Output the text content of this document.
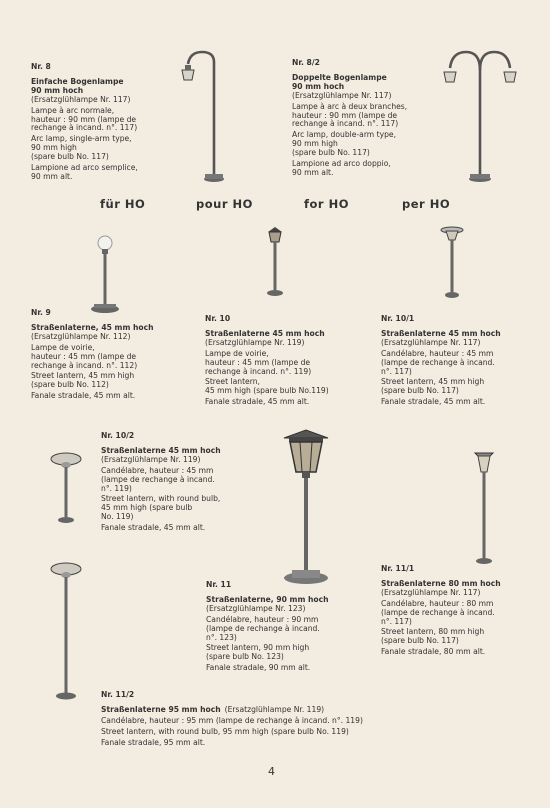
für HO	pour HO	for HO	per HO
Nr. 8
Einfache Bogenlampe
90 mm hoch
(Ersatzglühlampe Nr. 117)
Lampe à arc normale,
hauteur : 90 mm (lampe de
rechange à incand. n°. 117)
Arc lamp, single-arm type,
90 mm high
(spare bulb No. 117)
Lampione ad arco semplice,
90 mm alt.
Nr. 8/2
Doppelte Bogenlampe
90 mm hoch
(Ersatzglühlampe Nr. 117)
Lampe à arc à deux branches,
hauteur : 90 mm (lampe de
rechange à incand. n°. 117)
Arc lamp, double-arm type,
90 mm high
(spare bulb No. 117)
Lampione ad arco doppio,
90 mm alt.
Nr. 9
Straßenlaterne, 45 mm hoch
(Ersatzglühlampe Nr. 112)
Lampe de voirie,
hauteur : 45 mm (lampe de
rechange à incand. n°. 112)
Street lantern, 45 mm high
(spare bulb No. 112)
Fanale stradale, 45 mm alt.
Nr. 10
Straßenlaterne 45 mm hoch
(Ersatzglühlampe Nr. 119)
Lampe de voirie,
hauteur : 45 mm (lampe de
rechange à incand. n°. 119)
Street lantern,
45 mm high (spare bulb No.119)
Fanale stradale, 45 mm alt.
Nr. 10/1
Straßenlaterne 45 mm hoch
(Ersatzglühlampe Nr. 117)
Candélabre, hauteur : 45 mm
(lampe de rechange à incand.
n°. 117)
Street lantern, 45 mm high
(spare bulb No. 117)
Fanale stradale, 45 mm alt.
Nr. 10/2
Straßenlaterne 45 mm hoch
(Ersatzglühlampe Nr. 119)
Candélabre, hauteur : 45 mm
(lampe de rechange à incand.
n°. 119)
Street lantern, with round bulb,
45 mm high (spare bulb
No. 119)
Fanale stradale, 45 mm alt.
Nr. 11
Straßenlaterne, 90 mm hoch
(Ersatzglühlampe Nr. 123)
Candélabre, hauteur : 90 mm
(lampe de rechange à incand.
n°. 123)
Street lantern, 90 mm high
(spare bulb No. 123)
Fanale stradale, 90 mm alt.
Nr. 11/1
Straßenlaterne 80 mm hoch
(Ersatzglühlampe Nr. 117)
Candélabre, hauteur : 80 mm
(lampe de rechange à incand.
n°. 117)
Street lantern, 80 mm high
(spare bulb No. 117)
Fanale stradale, 80 mm alt.
Nr. 11/2
Straßenlaterne 95 mm hoch (Ersatzglühlampe Nr. 119)
Candélabre, hauteur : 95 mm (lampe de rechange à incand. n°. 119)
Street lantern, with round bulb, 95 mm high (spare bulb No. 119)
Fanale stradale, 95 mm alt.
4
